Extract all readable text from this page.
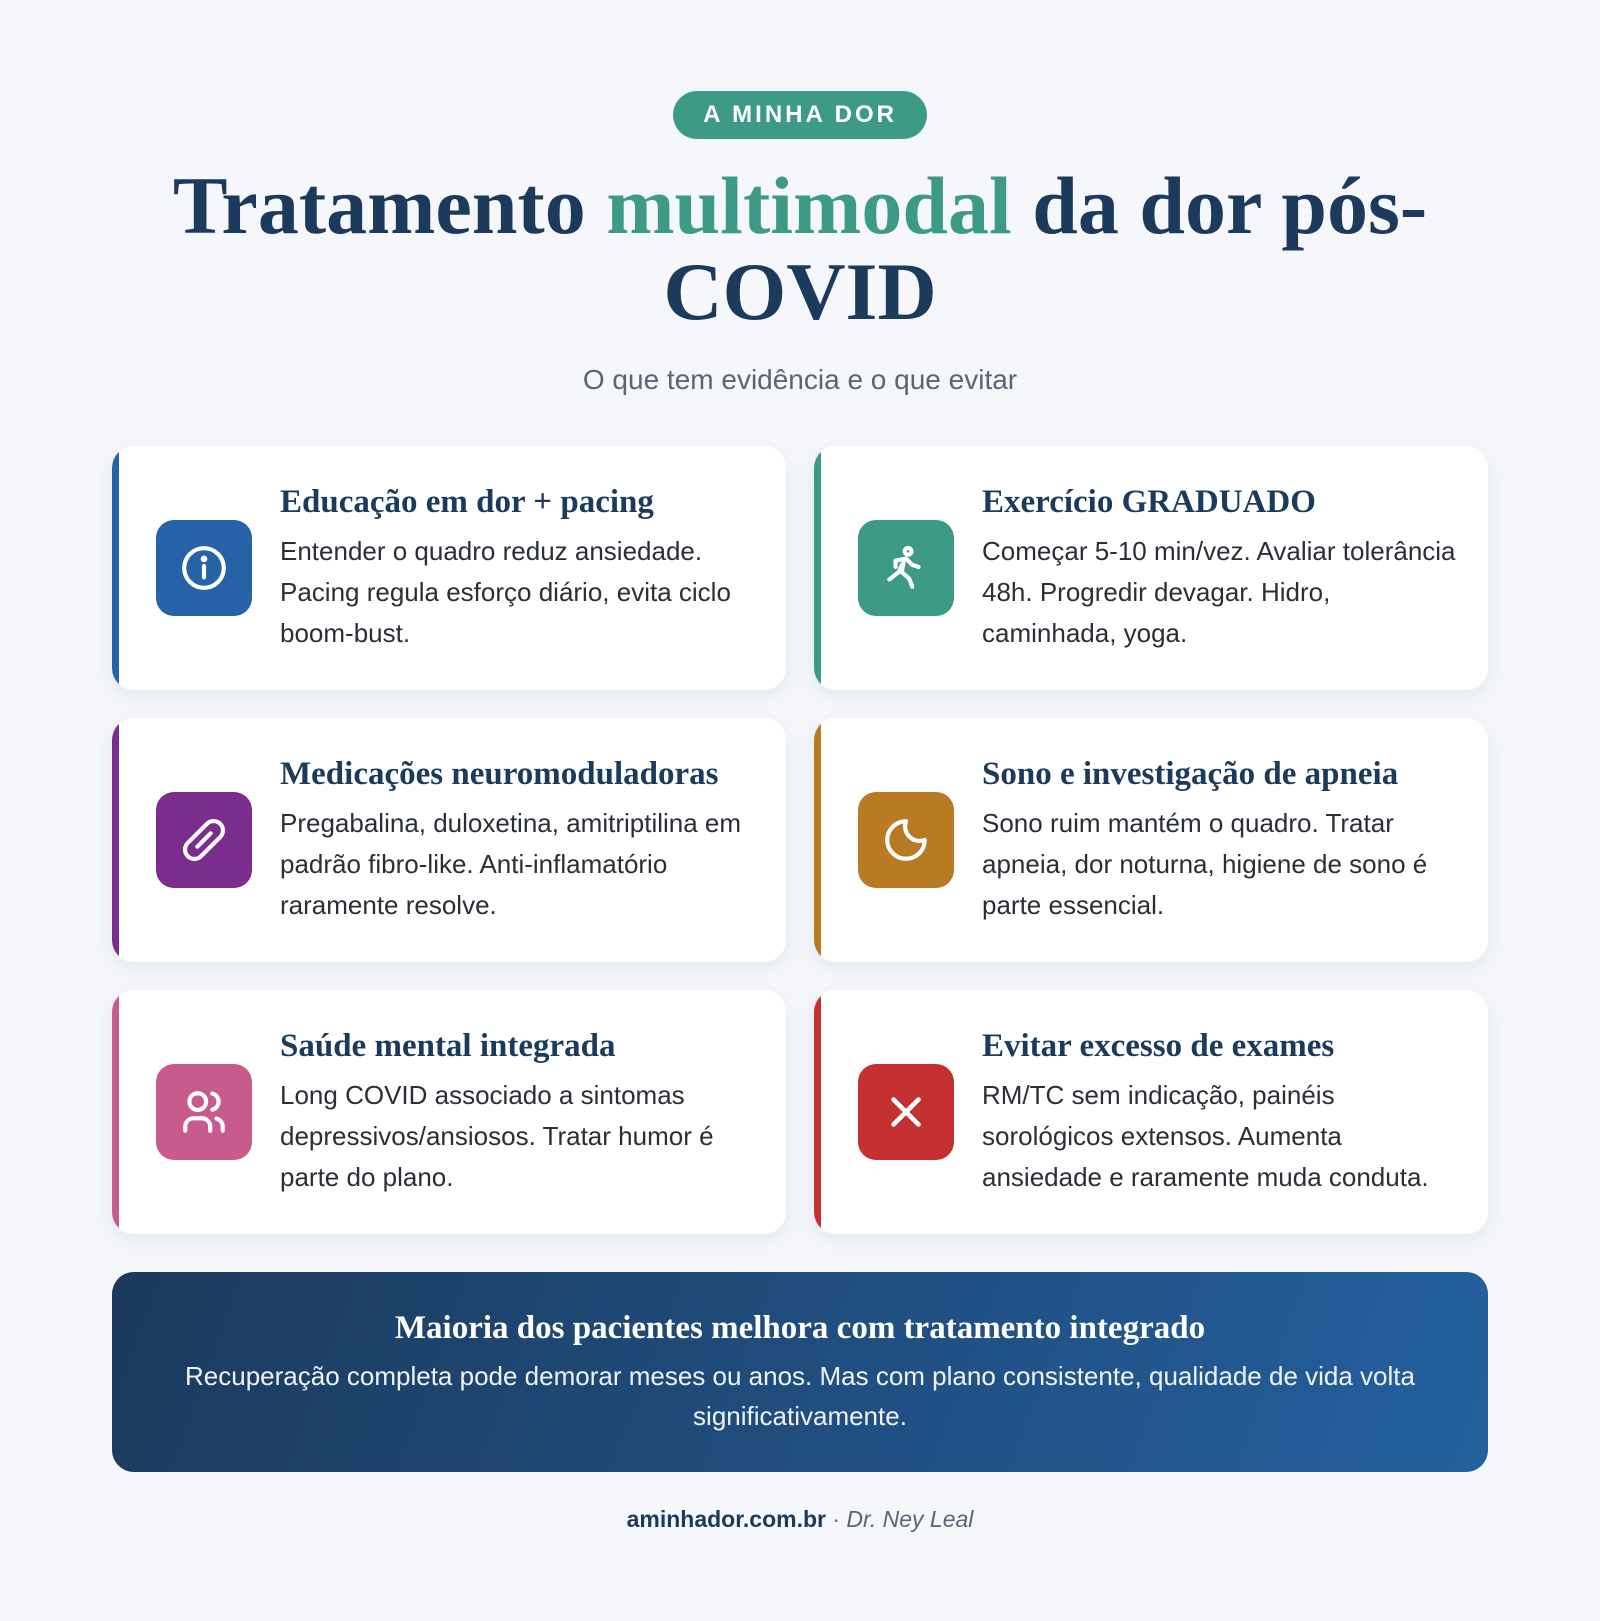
A MINHA DOR
Tratamento multimodal da dor pós-COVID
O que tem evidência e o que evitar
Educação em dor + pacing

Entender o quadro reduz ansiedade. Pacing regula esforço diário, evita ciclo boom-bust.

Exercício GRADUADO

Começar 5-10 min/vez. Avaliar tolerância 48h. Progredir devagar. Hidro, caminhada, yoga.

Medicações neuromoduladoras

Pregabalina, duloxetina, amitriptilina em padrão fibro-like. Anti-inflamatório raramente resolve.

Sono e investigação de apneia

Sono ruim mantém o quadro. Tratar apneia, dor noturna, higiene de sono é parte essencial.

Saúde mental integrada

Long COVID associado a sintomas depressivos/ansiosos. Tratar humor é parte do plano.

Evitar excesso de exames

RM/TC sem indicação, painéis sorológicos extensos. Aumenta ansiedade e raramente muda conduta.

Maioria dos pacientes melhora com tratamento integrado

Recuperação completa pode demorar meses ou anos. Mas com plano consistente, qualidade de vida volta significativamente.

aminhador.com.br · Dr. Ney Leal
